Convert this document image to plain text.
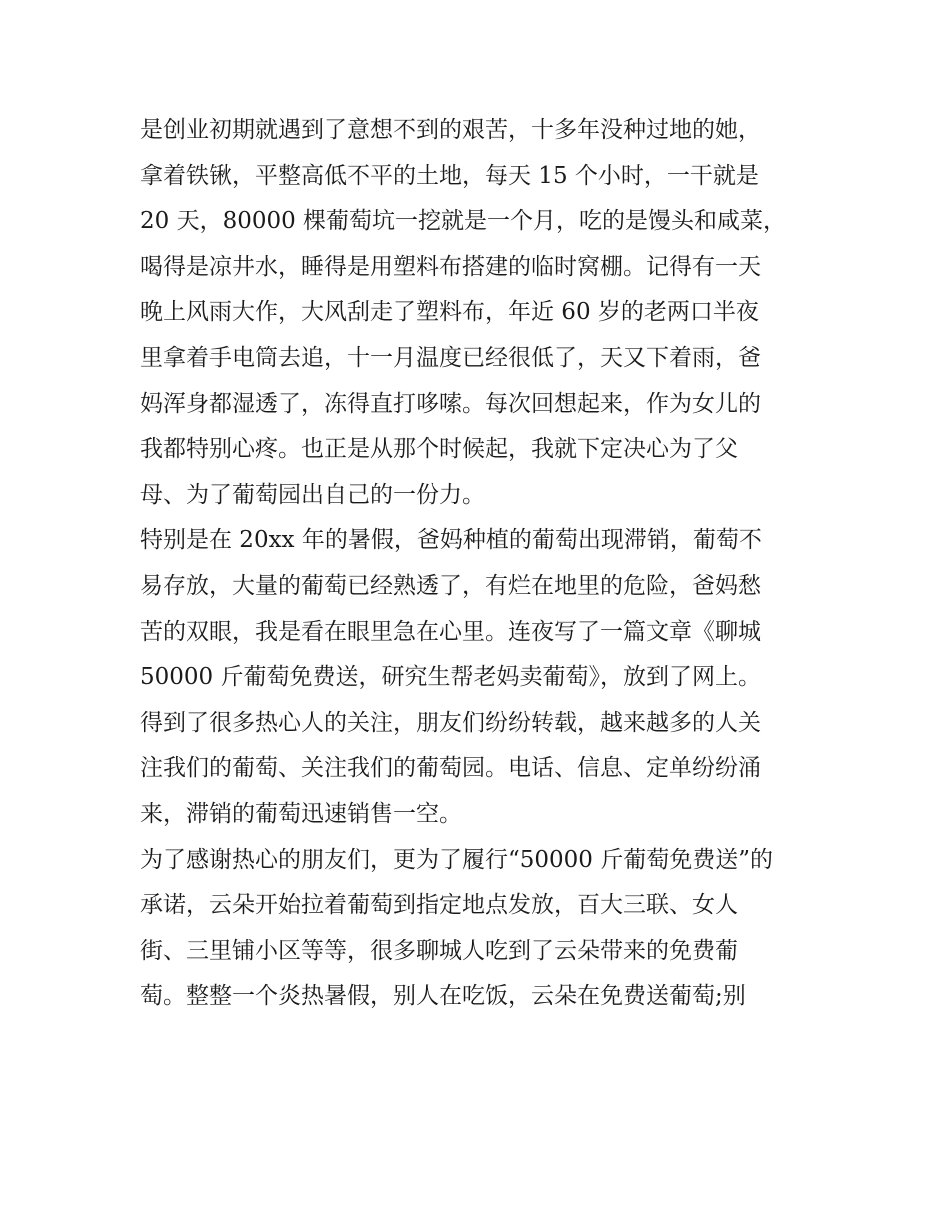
是创业初期就遇到了意想不到的艰苦，十多年没种过地的她，
拿着铁锹，平整高低不平的土地，每天 15 个小时，一干就是
20 天，80000 棵葡萄坑一挖就是一个月，吃的是馒头和咸菜，
喝得是凉井水，睡得是用塑料布搭建的临时窝棚。记得有一天
晚上风雨大作，大风刮走了塑料布，年近 60 岁的老两口半夜
里拿着手电筒去追，十一月温度已经很低了，天又下着雨，爸
妈浑身都湿透了，冻得直打哆嗦。每次回想起来，作为女儿的
我都特别心疼。也正是从那个时候起，我就下定决心为了父
母、为了葡萄园出自己的一份力。
特别是在 20xx 年的暑假，爸妈种植的葡萄出现滞销，葡萄不
易存放，大量的葡萄已经熟透了，有烂在地里的危险，爸妈愁
苦的双眼，我是看在眼里急在心里。连夜写了一篇文章《聊城
50000 斤葡萄免费送，研究生帮老妈卖葡萄》，放到了网上。
得到了很多热心人的关注，朋友们纷纷转载，越来越多的人关
注我们的葡萄、关注我们的葡萄园。电话、信息、定单纷纷涌
来，滞销的葡萄迅速销售一空。
为了感谢热心的朋友们，更为了履行“50000 斤葡萄免费送”的
承诺，云朵开始拉着葡萄到指定地点发放，百大三联、女人
街、三里铺小区等等，很多聊城人吃到了云朵带来的免费葡
萄。整整一个炎热暑假，别人在吃饭，云朵在免费送葡萄;别
